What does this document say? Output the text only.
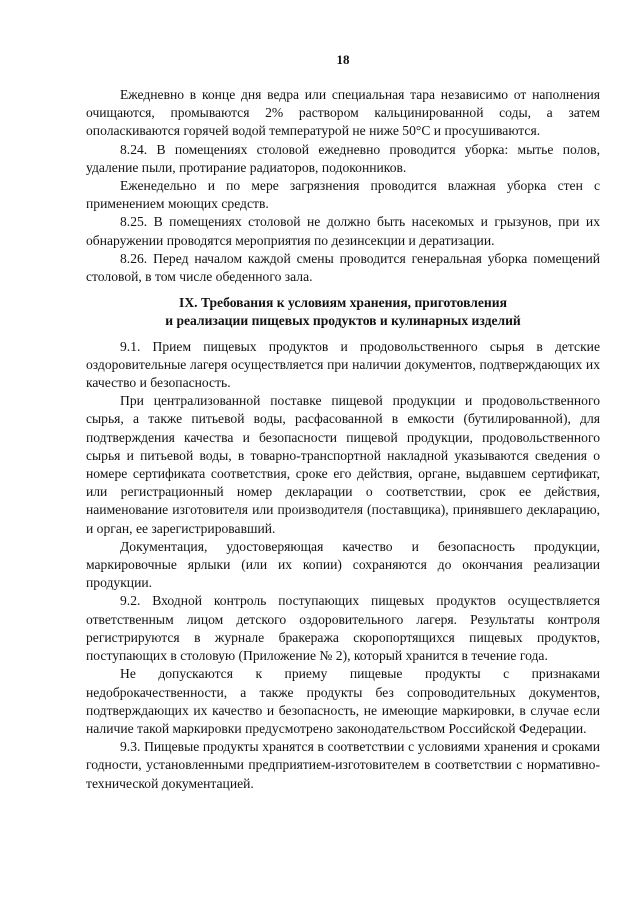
18

Ежедневно в конце дня ведра или специальная тара независимо от наполнения очищаются, промываются 2% раствором кальцинированной соды, а затем ополаскиваются горячей водой температурой не ниже 50°С и просушиваются.

8.24. В помещениях столовой ежедневно проводится уборка: мытье полов, удаление пыли, протирание радиаторов, подоконников.

Еженедельно и по мере загрязнения проводится влажная уборка стен с применением моющих средств.

8.25. В помещениях столовой не должно быть насекомых и грызунов, при их обнаружении проводятся мероприятия по дезинсекции и дератизации.

8.26. Перед началом каждой смены проводится генеральная уборка помещений столовой, в том числе обеденного зала.

IX. Требования к условиям хранения, приготовления
и реализации пищевых продуктов и кулинарных изделий

9.1. Прием пищевых продуктов и продовольственного сырья в детские оздоровительные лагеря осуществляется при наличии документов, подтверждающих их качество и безопасность.

При централизованной поставке пищевой продукции и продовольственного сырья, а также питьевой воды, расфасованной в емкости (бутилированной), для подтверждения качества и безопасности пищевой продукции, продовольственного сырья и питьевой воды, в товарно-транспортной накладной указываются сведения о номере сертификата соответствия, сроке его действия, органе, выдавшем сертификат, или регистрационный номер декларации о соответствии, срок ее действия, наименование изготовителя или производителя (поставщика), принявшего декларацию, и орган, ее зарегистрировавший.

Документация, удостоверяющая качество и безопасность продукции, маркировочные ярлыки (или их копии) сохраняются до окончания реализации продукции.

9.2. Входной контроль поступающих пищевых продуктов осуществляется ответственным лицом детского оздоровительного лагеря. Результаты контроля регистрируются в журнале бракеража скоропортящихся пищевых продуктов, поступающих в столовую (Приложение № 2), который хранится в течение года.

Не допускаются к приему пищевые продукты с признаками недоброкачественности, а также продукты без сопроводительных документов, подтверждающих их качество и безопасность, не имеющие маркировки, в случае если наличие такой маркировки предусмотрено законодательством Российской Федерации.

9.3. Пищевые продукты хранятся в соответствии с условиями хранения и сроками годности, установленными предприятием-изготовителем в соответствии с нормативно-технической документацией.
